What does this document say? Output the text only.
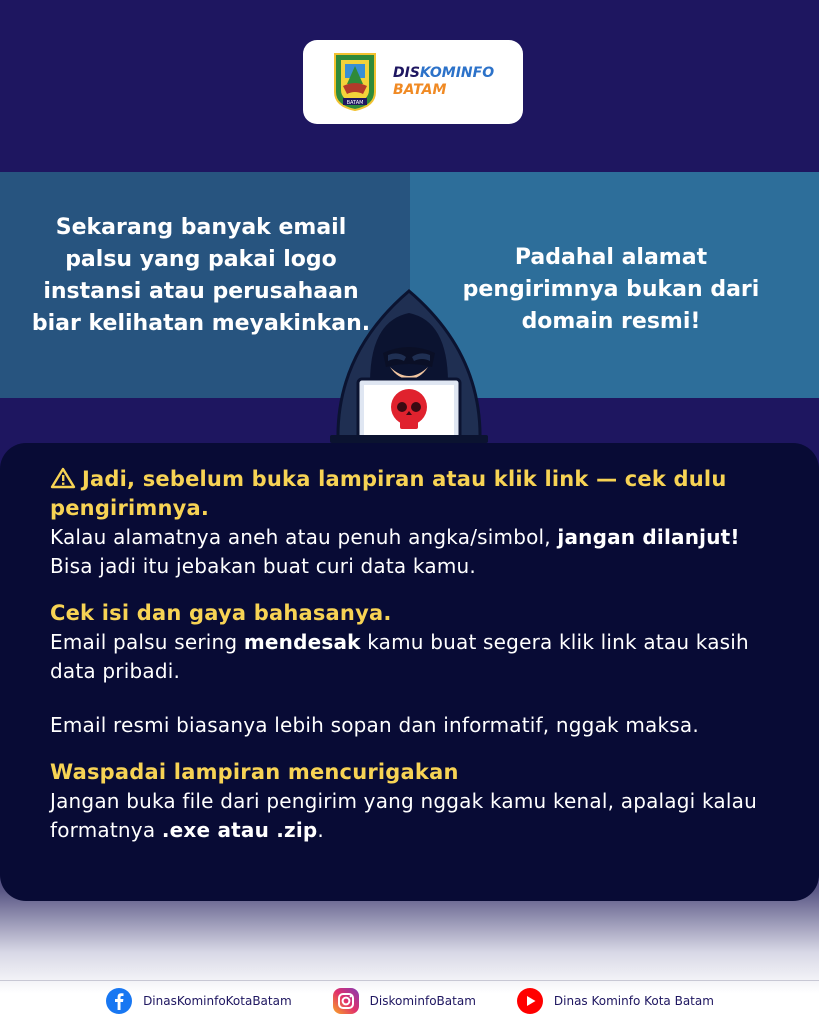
BATAM
DISKOMINFO
BATAM
Sekarang banyak email palsu yang pakai logo instansi atau perusahaan biar kelihatan meyakinkan.
Padahal alamat pengirimnya bukan dari domain resmi!

Jadi, sebelum buka lampiran atau klik link — cek dulu pengirimnya.

Kalau alamatnya aneh atau penuh angka/simbol, jangan dilanjut! Bisa jadi itu jebakan buat curi data kamu.

Cek isi dan gaya bahasanya.

Email palsu sering mendesak kamu buat segera klik link atau kasih data pribadi.

Email resmi biasanya lebih sopan dan informatif, nggak maksa.

Waspadai lampiran mencurigakan

Jangan buka file dari pengirim yang nggak kamu kenal, apalagi kalau formatnya .exe atau .zip.

DinasKominfoKotaBatam	DiskominfoBatam	Dinas Kominfo Kota Batam
